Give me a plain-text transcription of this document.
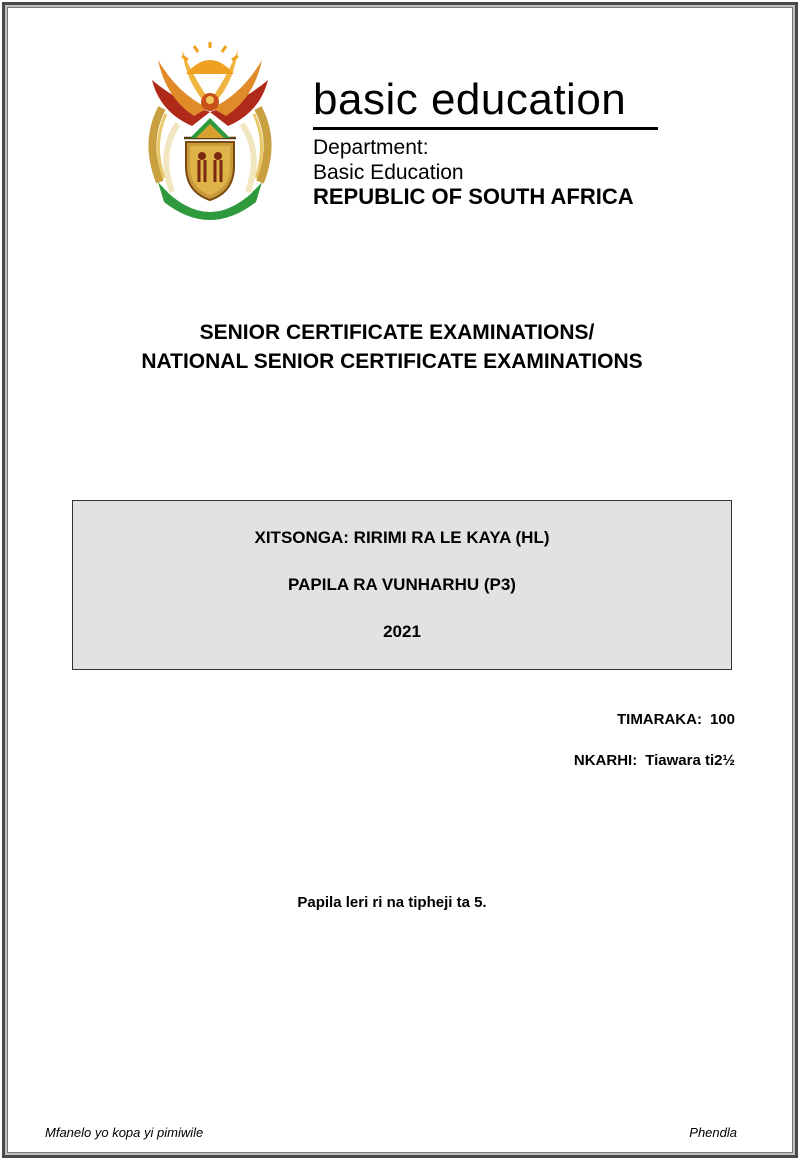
basic education
Department:
Basic Education
REPUBLIC OF SOUTH AFRICA
SENIOR CERTIFICATE EXAMINATIONS/
NATIONAL SENIOR CERTIFICATE EXAMINATIONS
XITSONGA: RIRIMI RA LE KAYA (HL)
PAPILA RA VUNHARHU (P3)
2021
TIMARAKA: 100
NKARHI: Tiawara ti2½
Papila leri ri na tipheji ta 5.
Mfanelo yo kopa yi pimiwile	Phendla
